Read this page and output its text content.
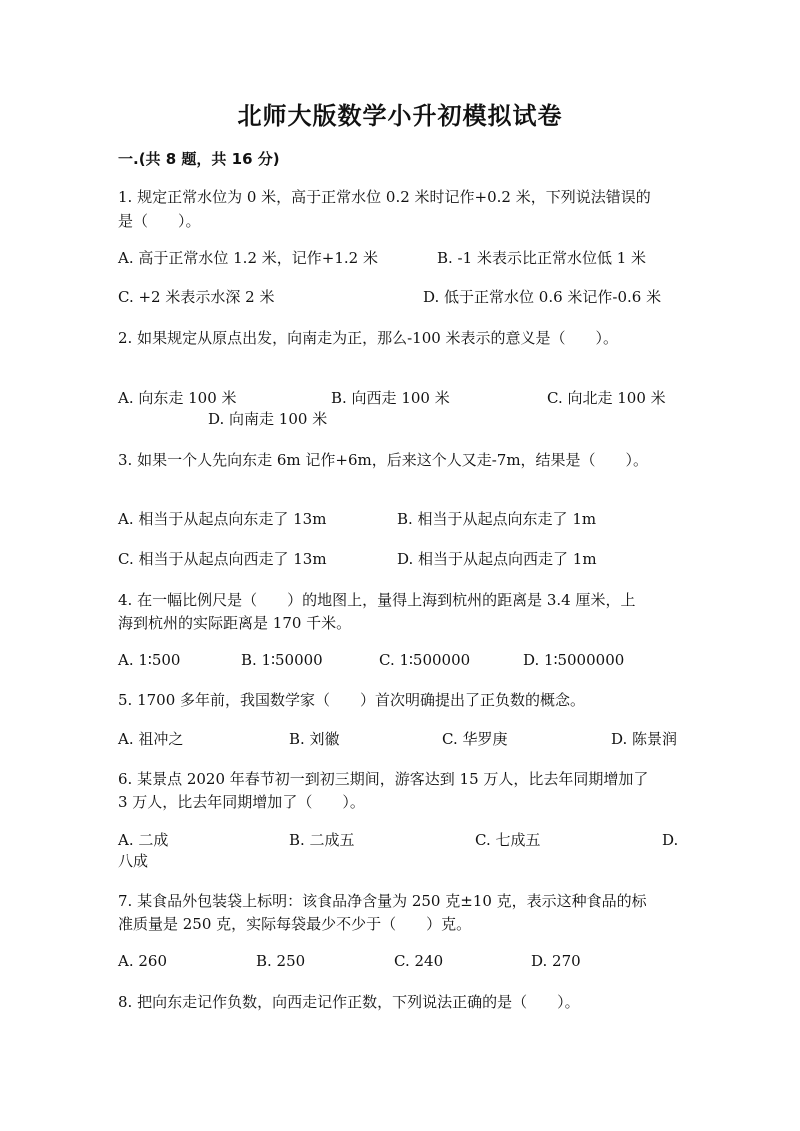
北师大版数学小升初模拟试卷
一.(共 8 题，共 16 分)
1. 规定正常水位为 0 米，高于正常水位 0.2 米时记作+0.2 米，下列说法错误的
是（　　）。
A. 高于正常水位 1.2 米，记作+1.2 米	B. -1 米表示比正常水位低 1 米
C. +2 米表示水深 2 米	D. 低于正常水位 0.6 米记作-0.6 米
2. 如果规定从原点出发，向南走为正，那么-100 米表示的意义是（　　）。
A. 向东走 100 米	B. 向西走 100 米	C. 向北走 100 米
D. 向南走 100 米
3. 如果一个人先向东走 6m 记作+6m，后来这个人又走-7m，结果是（　　）。
A. 相当于从起点向东走了 13m	B. 相当于从起点向东走了 1m
C. 相当于从起点向西走了 13m	D. 相当于从起点向西走了 1m
4. 在一幅比例尺是（　　）的地图上，量得上海到杭州的距离是 3.4 厘米，上
海到杭州的实际距离是 170 千米。
A. 1∶500	B. 1∶50000	C. 1∶500000	D. 1∶5000000
5. 1700 多年前，我国数学家（　　）首次明确提出了正负数的概念。
A. 祖冲之	B. 刘徽	C. 华罗庚	D. 陈景润
6. 某景点 2020 年春节初一到初三期间，游客达到 15 万人，比去年同期增加了
3 万人，比去年同期增加了（　　）。
A. 二成	B. 二成五	C. 七成五	D.
八成
7. 某食品外包装袋上标明：该食品净含量为 250 克±10 克，表示这种食品的标
准质量是 250 克，实际每袋最少不少于（　　）克。
A. 260	B. 250	C. 240	D. 270
8. 把向东走记作负数，向西走记作正数，下列说法正确的是（　　）。
